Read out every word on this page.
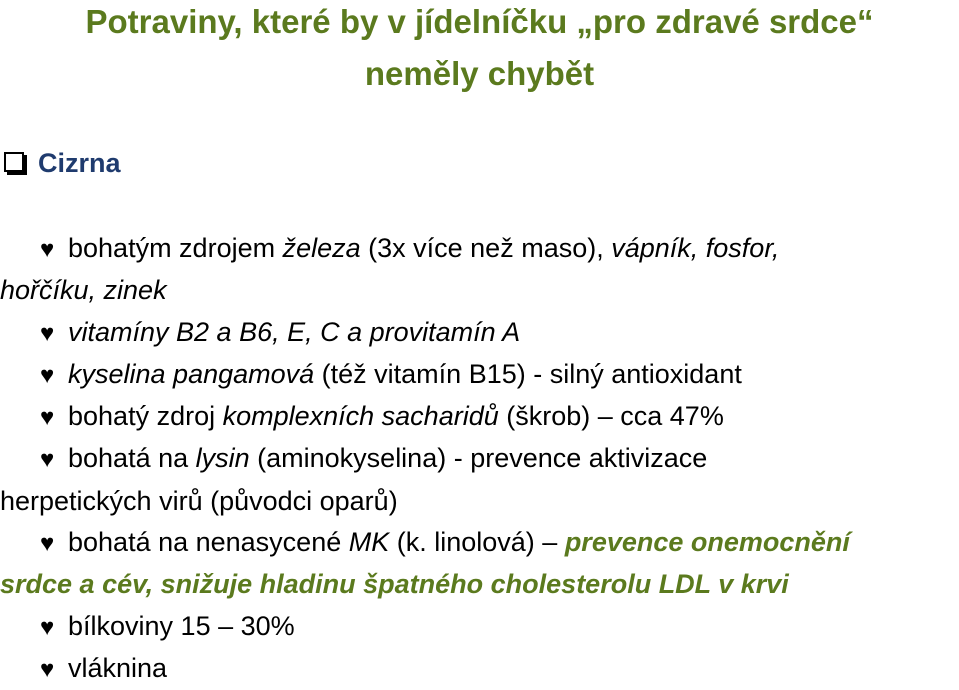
Potraviny, které by v jídelníčku „pro zdravé srdce“
neměly chybět
Cizrna
♥ bohatým zdrojem železa (3x více než maso), vápník, fosfor,
hořčíku, zinek
♥ vitamíny B2 a B6, E, C a provitamín A
♥ kyselina pangamová (též vitamín B15) - silný antioxidant
♥ bohatý zdroj komplexních sacharidů (škrob) – cca 47%
♥ bohatá na lysin (aminokyselina) - prevence aktivizace
herpetických virů (původci oparů)
♥ bohatá na nenasycené MK (k. linolová) – prevence onemocnění
srdce a cév, snižuje hladinu špatného cholesterolu LDL v krvi
♥ bílkoviny 15 – 30%
♥ vláknina
